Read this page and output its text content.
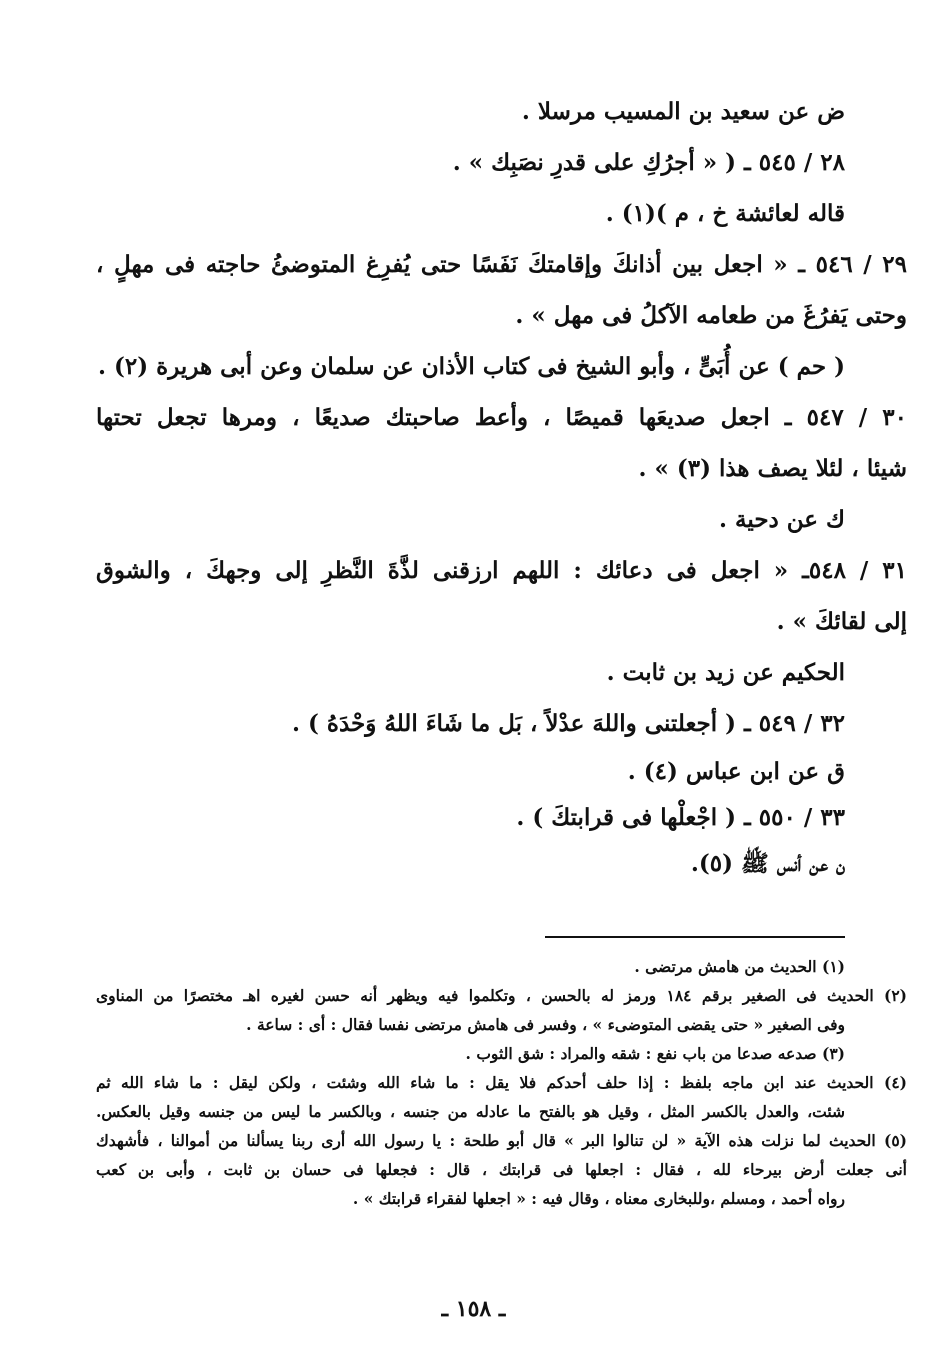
ض عن سعيد بن المسيب مرسلا .
٢٨ / ٥٤٥ ـ ( « أجرُكِ على قدرِ نصَبِك » .
قاله لعائشة خ ، م )(١) .
٢٩ / ٥٤٦ ـ « اجعل بين أذانكَ وإقامتكَ نَفَسًا حتى يُفرِغ المتوضئُ حاجته فى مهلٍ ،
وحتى يَفرُغَ من طعامه الآكلُ فى مهل » .
( حم ) عن أُبَىٍّ ، وأبو الشيخ فى كتاب الأذان عن سلمان وعن أبى هريرة (٢) .
٣٠ / ٥٤٧ ـ اجعل صديعَها قميصًا ، وأعط صاحبتك صديعًا ، ومرها تجعل تحتها
شيئا ، لئلا يصف هذا (٣) » .
ك عن دحية .
٣١ / ٥٤٨ـ « اجعل فى دعائك : اللهم ارزقنى لذَّةَ النَّظرِ إلى وجهكَ ، والشوق
إلى لقائكَ » .
الحكيم عن زيد بن ثابت .
٣٢ / ٥٤٩ ـ ( أجعلتنى واللهَ عدْلاً ، بَل ما شَاءَ اللهُ وَحْدَهُ ) .
ق عن ابن عباس (٤) .
٣٣ / ٥٥٠ ـ ( اجْعلْها فى قرابتكَ ) .
ن عن أنس ﷺ (٥).
(١) الحديث من هامش مرتضى .
(٢) الحديث فى الصغير برقم ١٨٤ ورمز له بالحسن ، وتكلموا فيه ويظهر أنه حسن لغيره اهـ مختصرًا من المناوى
وفى الصغير « حتى يقضى المتوضىء » ، وفسر فى هامش مرتضى نفسا فقال : أى : ساعة .
(٣) صدعه صدعا من باب نفع : شقه والمراد : شق الثوب .
(٤) الحديث عند ابن ماجه بلفظ : إذا حلف أحدكم فلا يقل : ما شاء الله وشئت ، ولكن ليقل : ما شاء الله ثم
شئت، والعدل بالكسر المثل ، وقيل هو بالفتح ما عادله من جنسه ، وبالكسر ما ليس من جنسه وقيل بالعكس.
(٥) الحديث لما نزلت هذه الآية « لن تنالوا البر » قال أبو طلحة : يا رسول الله أرى ربنا يسألنا من أموالنا ، فأشهدك
أنى جعلت أرض بيرحاء لله ، فقال : اجعلها فى قرابتك ، قال : فجعلها فى حسان بن ثابت ، وأبى بن كعب
رواه أحمد ، ومسلم ،وللبخارى معناه ، وقال فيه : « اجعلها لفقراء قرابتك » .
ـ ١٥٨ ـ
